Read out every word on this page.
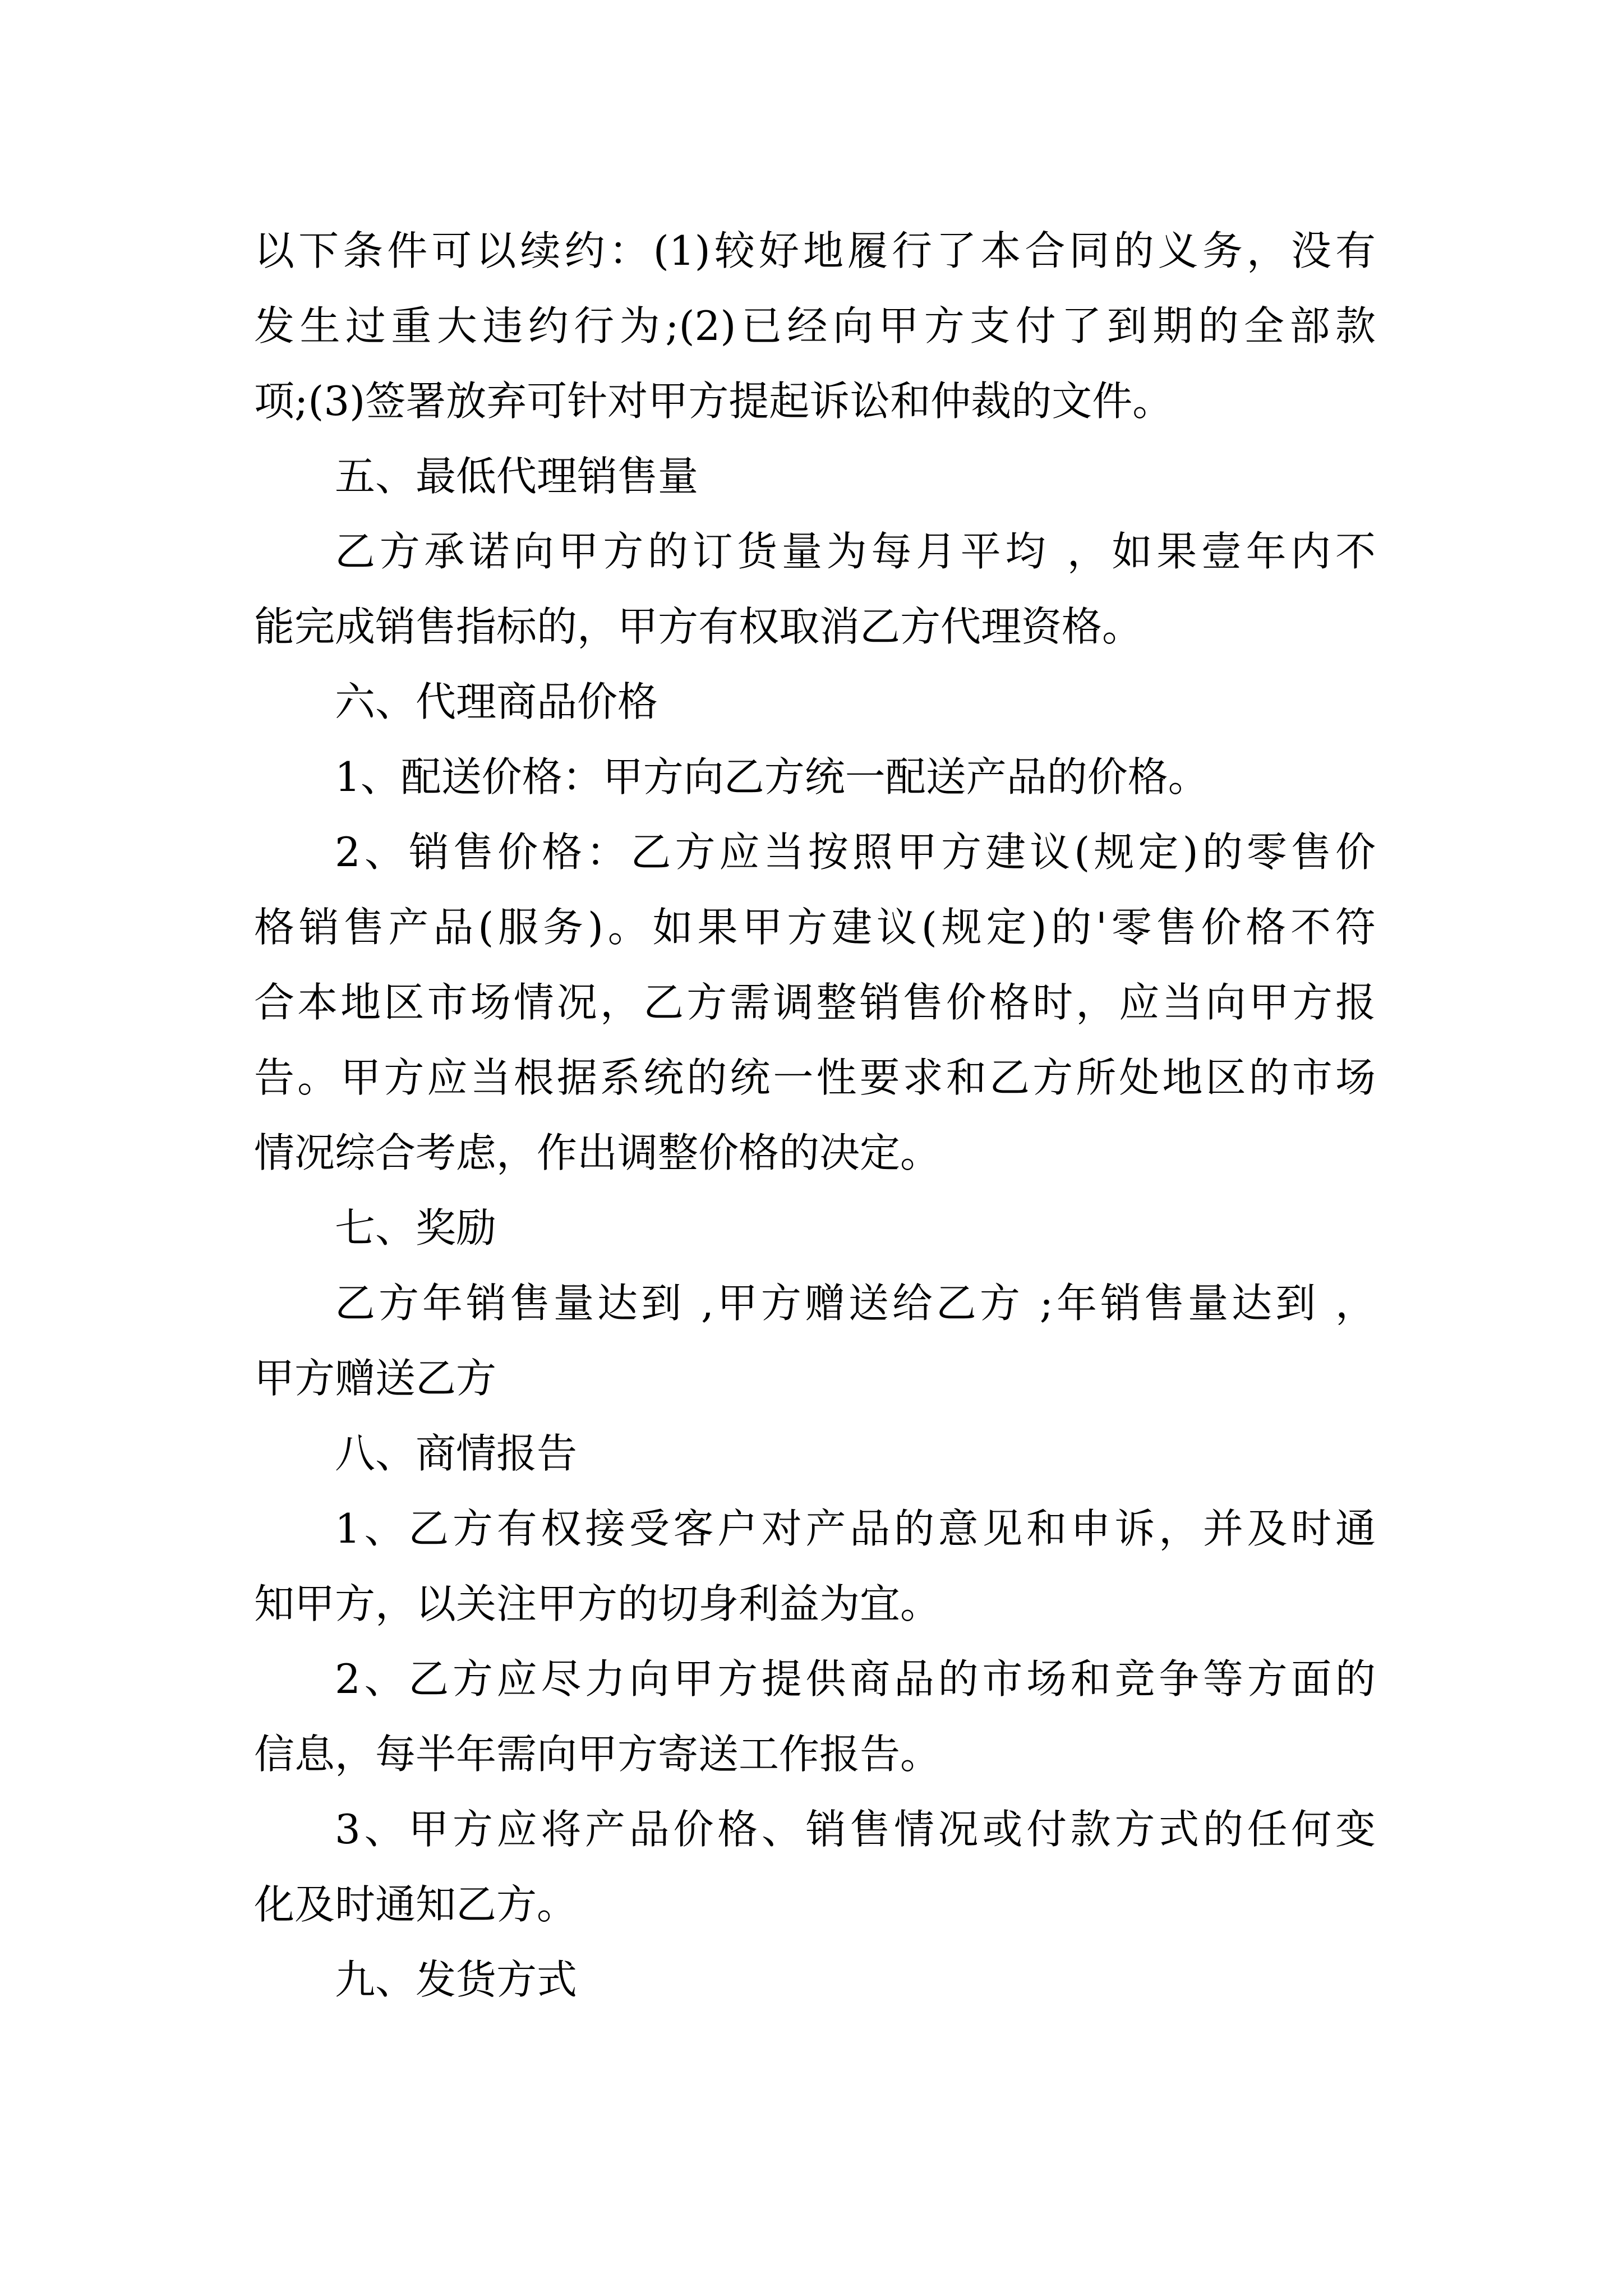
以下条件可以续约：(1)较好地履行了本合同的义务，没有
发生过重大违约行为;(2)已经向甲方支付了到期的全部款
项;(3)签署放弃可针对甲方提起诉讼和仲裁的文件。
五、最低代理销售量
乙方承诺向甲方的订货量为每月平均 ，如果壹年内不
能完成销售指标的，甲方有权取消乙方代理资格。
六、代理商品价格
1、配送价格：甲方向乙方统一配送产品的价格。
2、销售价格：乙方应当按照甲方建议(规定)的零售价
格销售产品(服务)。如果甲方建议(规定)的'零售价格不符
合本地区市场情况，乙方需调整销售价格时，应当向甲方报
告。甲方应当根据系统的统一性要求和乙方所处地区的市场
情况综合考虑，作出调整价格的决定。
七、奖励
乙方年销售量达到 ,甲方赠送给乙方 ;年销售量达到 ，
甲方赠送乙方
八、商情报告
1、乙方有权接受客户对产品的意见和申诉，并及时通
知甲方，以关注甲方的切身利益为宜。
2、乙方应尽力向甲方提供商品的市场和竞争等方面的
信息，每半年需向甲方寄送工作报告。
3、甲方应将产品价格、销售情况或付款方式的任何变
化及时通知乙方。
九、发货方式
